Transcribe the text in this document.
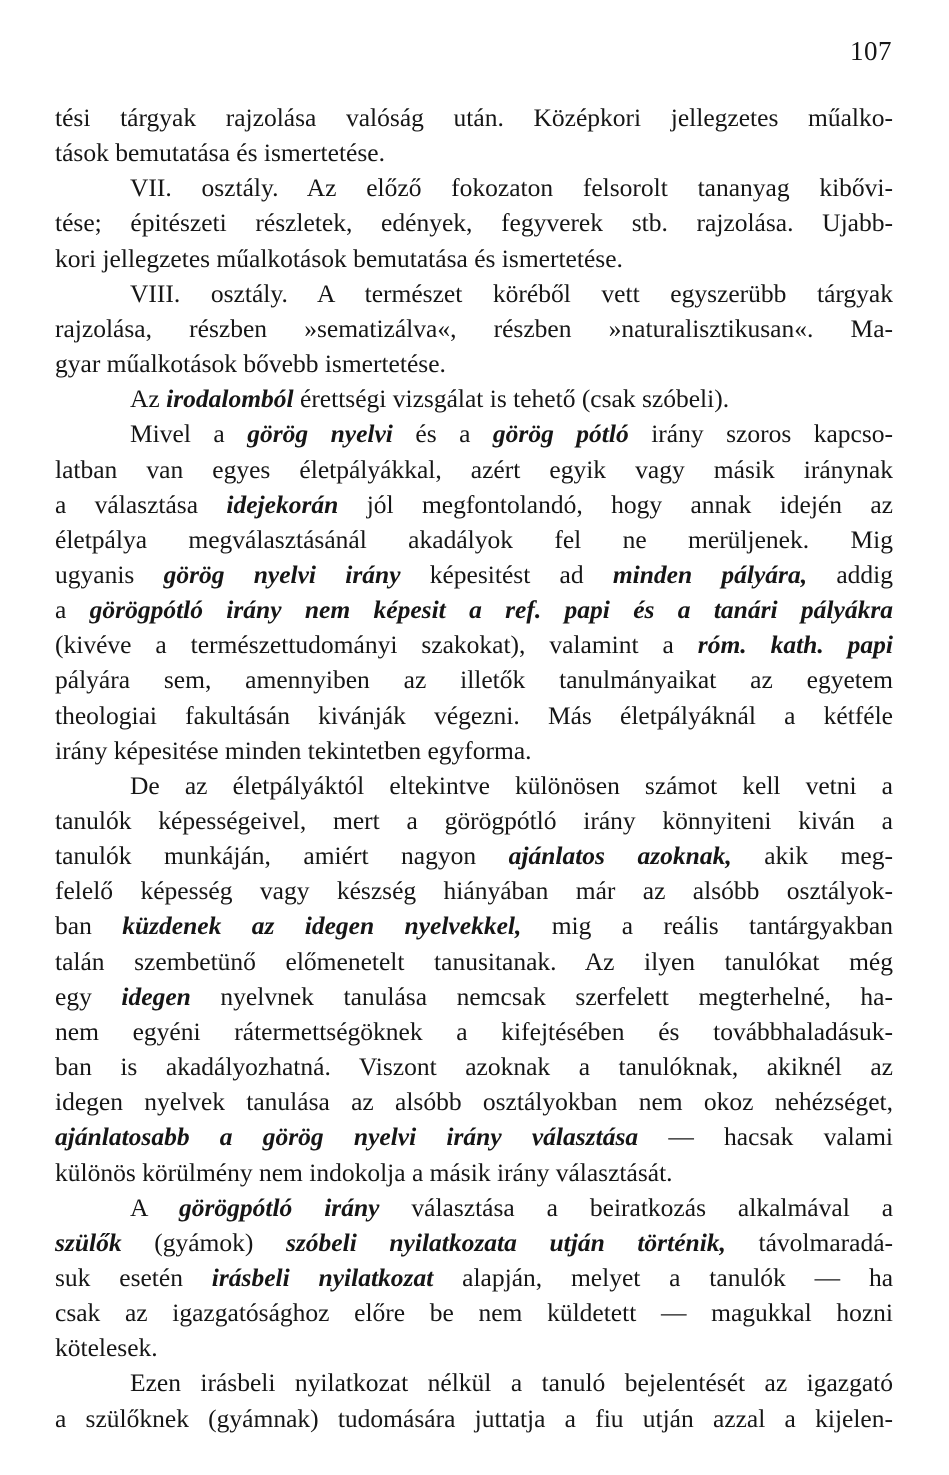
107
tési tárgyak rajzolása valóság után. Középkori jellegzetes műalko-
tások bemutatása és ismertetése.
VII. osztály. Az előző fokozaton felsorolt tananyag kibővi-
tése; épitészeti részletek, edények, fegyverek stb. rajzolása. Ujabb-
kori jellegzetes műalkotások bemutatása és ismertetése.
VIII. osztály. A természet köréből vett egyszerübb tárgyak
rajzolása, részben »sematizálva«, részben »naturalisztikusan«. Ma-
gyar műalkotások bővebb ismertetése.
Az irodalomból érettségi vizsgálat is tehető (csak szóbeli).
Mivel a görög nyelvi és a görög pótló irány szoros kapcso-
latban van egyes életpályákkal, azért egyik vagy másik iránynak
a választása idejekorán jól megfontolandó, hogy annak idején az
életpálya megválasztásánál akadályok fel ne merüljenek. Mig
ugyanis görög nyelvi irány képesitést ad minden pályára, addig
a görögpótló irány nem képesit a ref. papi és a tanári pályákra
(kivéve a természettudományi szakokat), valamint a róm. kath. papi
pályára sem, amennyiben az illetők tanulmányaikat az egyetem
theologiai fakultásán kivánják végezni. Más életpályáknál a kétféle
irány képesitése minden tekintetben egyforma.
De az életpályáktól eltekintve különösen számot kell vetni a
tanulók képességeivel, mert a görögpótló irány könnyiteni kiván a
tanulók munkáján, amiért nagyon ajánlatos azoknak, akik meg-
felelő képesség vagy készség hiányában már az alsóbb osztályok-
ban küzdenek az idegen nyelvekkel, mig a reális tantárgyakban
talán szembetünő előmenetelt tanusitanak. Az ilyen tanulókat még
egy idegen nyelvnek tanulása nemcsak szerfelett megterhelné, ha-
nem egyéni rátermettségöknek a kifejtésében és továbbhaladásuk-
ban is akadályozhatná. Viszont azoknak a tanulóknak, akiknél az
idegen nyelvek tanulása az alsóbb osztályokban nem okoz nehézséget,
ajánlatosabb a görög nyelvi irány választása — hacsak valami
különös körülmény nem indokolja a másik irány választását.
A görögpótló irány választása a beiratkozás alkalmával a
szülők (gyámok) szóbeli nyilatkozata utján történik, távolmaradá-
suk esetén irásbeli nyilatkozat alapján, melyet a tanulók — ha
csak az igazgatósághoz előre be nem küldetett — magukkal hozni
kötelesek.
Ezen irásbeli nyilatkozat nélkül a tanuló bejelentését az igazgató
a szülőknek (gyámnak) tudomására juttatja a fiu utján azzal a kijelen-
